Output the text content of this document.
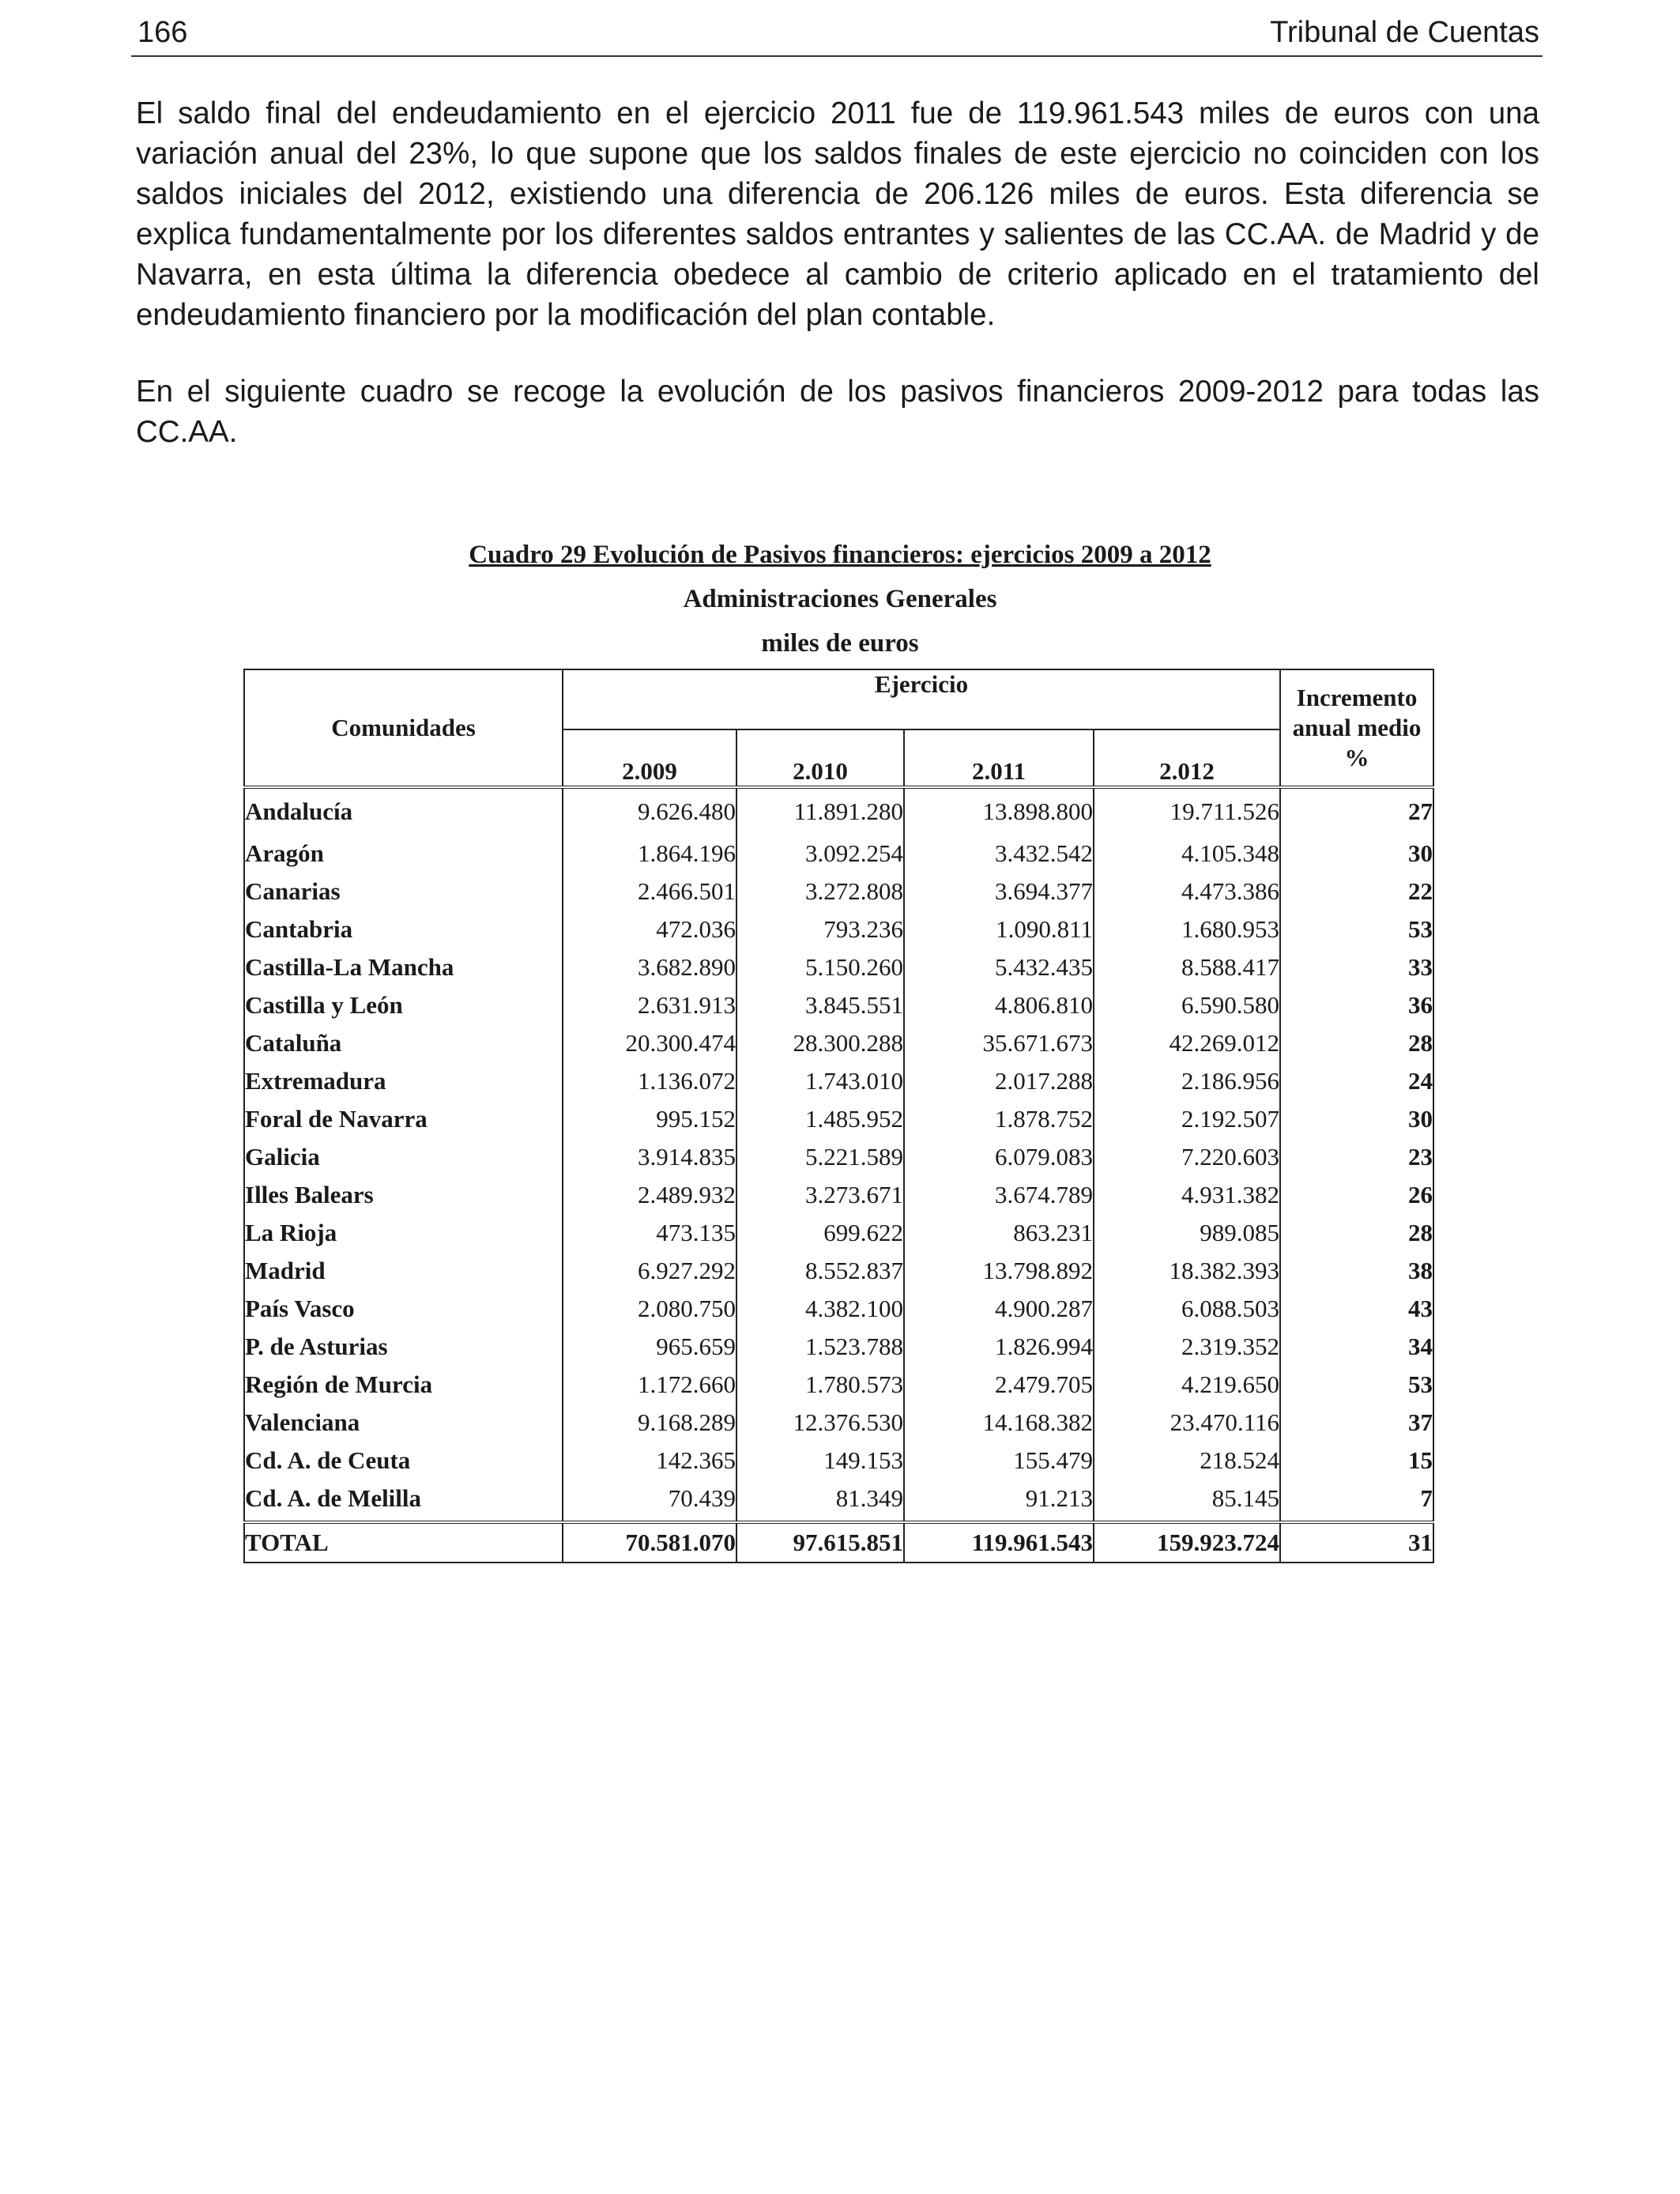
166	Tribunal de Cuentas

El saldo final del endeudamiento en el ejercicio 2011 fue de 119.961.543 miles de euros con una variación anual del 23%, lo que supone que los saldos finales de este ejercicio no coinciden con los saldos iniciales del 2012, existiendo una diferencia de 206.126 miles de euros. Esta diferencia se explica fundamentalmente por los diferentes saldos entrantes y salientes de las CC.AA. de Madrid y de Navarra, en esta última la diferencia obedece al cambio de criterio aplicado en el tratamiento del endeudamiento financiero por la modificación del plan contable.

En el siguiente cuadro se recoge la evolución de los pasivos financieros 2009-2012 para todas las CC.AA.

Cuadro 29 Evolución de Pasivos financieros: ejercicios 2009 a 2012
Administraciones Generales
miles de euros
Comunidades	Ejercicio				Incremento anual medio %
	2.009	2.010	2.011	2.012	
Andalucía	9.626.480	11.891.280	13.898.800	19.711.526	27
Aragón	1.864.196	3.092.254	3.432.542	4.105.348	30
Canarias	2.466.501	3.272.808	3.694.377	4.473.386	22
Cantabria	472.036	793.236	1.090.811	1.680.953	53
Castilla-La Mancha	3.682.890	5.150.260	5.432.435	8.588.417	33
Castilla y León	2.631.913	3.845.551	4.806.810	6.590.580	36
Cataluña	20.300.474	28.300.288	35.671.673	42.269.012	28
Extremadura	1.136.072	1.743.010	2.017.288	2.186.956	24
Foral de Navarra	995.152	1.485.952	1.878.752	2.192.507	30
Galicia	3.914.835	5.221.589	6.079.083	7.220.603	23
Illes Balears	2.489.932	3.273.671	3.674.789	4.931.382	26
La Rioja	473.135	699.622	863.231	989.085	28
Madrid	6.927.292	8.552.837	13.798.892	18.382.393	38
País Vasco	2.080.750	4.382.100	4.900.287	6.088.503	43
P. de Asturias	965.659	1.523.788	1.826.994	2.319.352	34
Región de Murcia	1.172.660	1.780.573	2.479.705	4.219.650	53
Valenciana	9.168.289	12.376.530	14.168.382	23.470.116	37
Cd. A. de Ceuta	142.365	149.153	155.479	218.524	15
Cd. A. de Melilla	70.439	81.349	91.213	85.145	7
TOTAL	70.581.070	97.615.851	119.961.543	159.923.724	31
